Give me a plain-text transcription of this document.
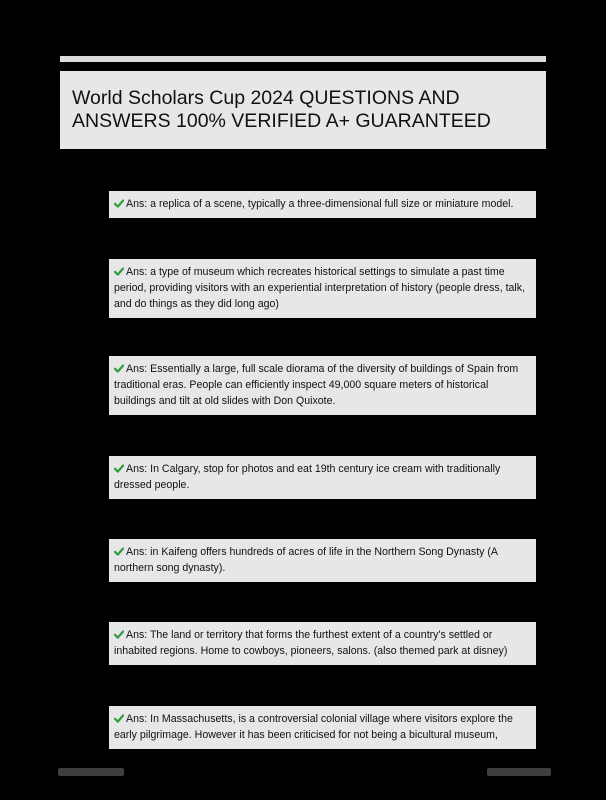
World Scholars Cup 2024 QUESTIONS AND ANSWERS 100% VERIFIED A+ GUARANTEED
Ans: a replica of a scene, typically a three-dimensional full size or miniature model.
Ans: a type of museum which recreates historical settings to simulate a past time period, providing visitors with an experiential interpretation of history (people dress, talk, and do things as they did long ago)
Ans: Essentially a large, full scale diorama of the diversity of buildings of Spain from traditional eras. People can efficiently inspect 49,000 square meters of historical buildings and tilt at old slides with Don Quixote.
Ans: In Calgary, stop for photos and eat 19th century ice cream with traditionally dressed people.
Ans: in Kaifeng offers hundreds of acres of life in the Northern Song Dynasty (A northern song dynasty).
Ans: The land or territory that forms the furthest extent of a country's settled or inhabited regions. Home to cowboys, pioneers, salons. (also themed park at disney)
Ans: In Massachusetts, is a controversial colonial village where visitors explore the early pilgrimage. However it has been criticised for not being a bicultural museum,
